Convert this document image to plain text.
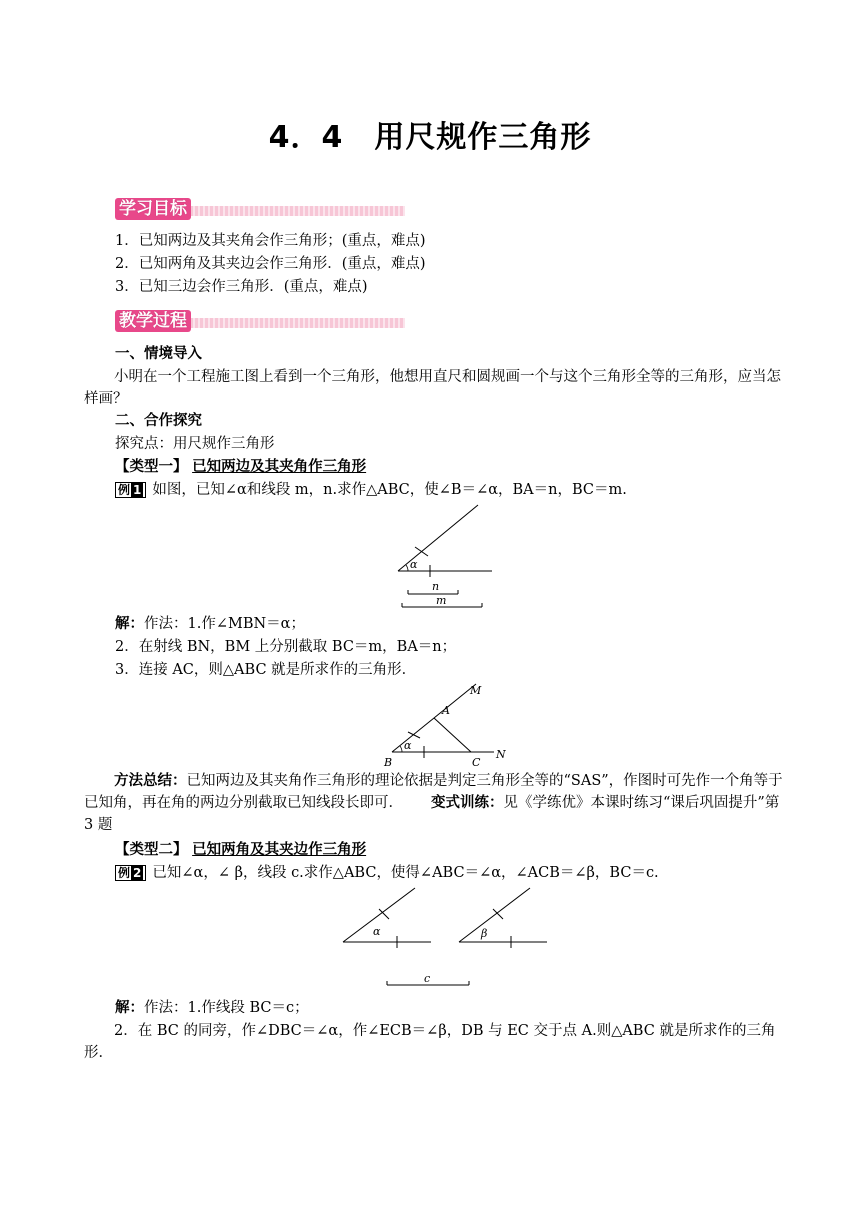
4．4　用尺规作三角形
学习目标
1．已知两边及其夹角会作三角形；(重点，难点)
2．已知两角及其夹边会作三角形．(重点，难点)
3．已知三边会作三角形．(重点，难点)
教学过程
一、情境导入
小明在一个工程施工图上看到一个三角形，他想用直尺和圆规画一个与这个三角形全等的三角形，应当怎样画？
二、合作探究
探究点：用尺规作三角形
【类型一】 已知两边及其夹角作三角形
例 1 如图，已知∠α和线段 m，n.求作△ABC，使∠B＝∠α，BA＝n，BC＝m.
α
n
m
解：作法：1.作∠MBN＝α；
2．在射线 BN，BM 上分别截取 BC＝m，BA＝n；
3．连接 AC，则△ABC 就是所求作的三角形．
M
A
α
B	C
N
方法总结：已知两边及其夹角作三角形的理论依据是判定三角形全等的“SAS”，作图时可先作一个角等于已知角，再在角的两边分别截取已知线段长即可． 变式训练：见《学练优》本课时练习“课后巩固提升”第 3 题
【类型二】 已知两角及其夹边作三角形
例 2 已知∠α，∠ β，线段 c.求作△ABC，使得∠ABC＝∠α，∠ACB＝∠β，BC＝c.
α	β
c
解：作法：1.作线段 BC＝c；
2．在 BC 的同旁，作∠DBC＝∠α，作∠ECB＝∠β，DB 与 EC 交于点 A.则△ABC 就是所求作的三角形．
